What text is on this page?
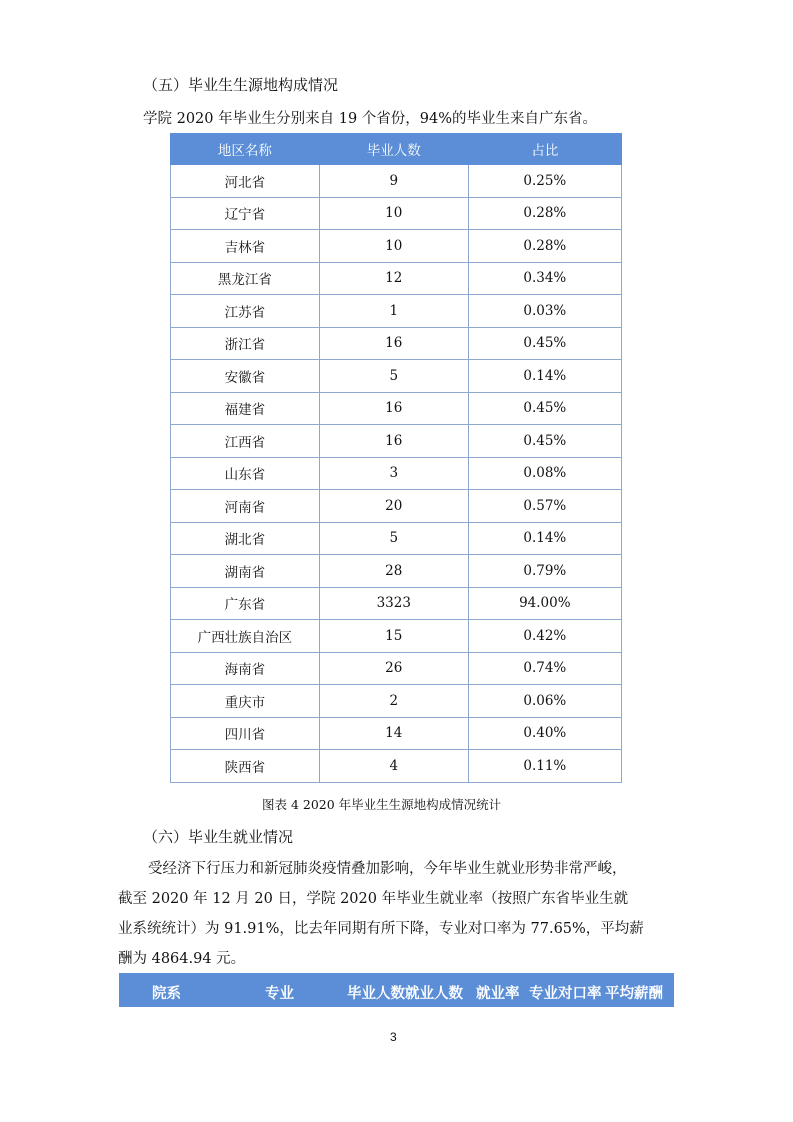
（五）毕业生生源地构成情况
学院 2020 年毕业生分别来自 19 个省份，94%的毕业生来自广东省。
地区名称	毕业人数	占比
河北省	9	0.25%
辽宁省	10	0.28%
吉林省	10	0.28%
黑龙江省	12	0.34%
江苏省	1	0.03%
浙江省	16	0.45%
安徽省	5	0.14%
福建省	16	0.45%
江西省	16	0.45%
山东省	3	0.08%
河南省	20	0.57%
湖北省	5	0.14%
湖南省	28	0.79%
广东省	3323	94.00%
广西壮族自治区	15	0.42%
海南省	26	0.74%
重庆市	2	0.06%
四川省	14	0.40%
陕西省	4	0.11%
图表 4 2020 年毕业生生源地构成情况统计
（六）毕业生就业情况
受经济下行压力和新冠肺炎疫情叠加影响，今年毕业生就业形势非常严峻，
截至 2020 年 12 月 20 日，学院 2020 年毕业生就业率（按照广东省毕业生就
业系统统计）为 91.91%，比去年同期有所下降，专业对口率为 77.65%，平均薪
酬为 4864.94 元。
院系	专业	毕业人数 就业人数 就业率 专业对口率 平均薪酬
3
